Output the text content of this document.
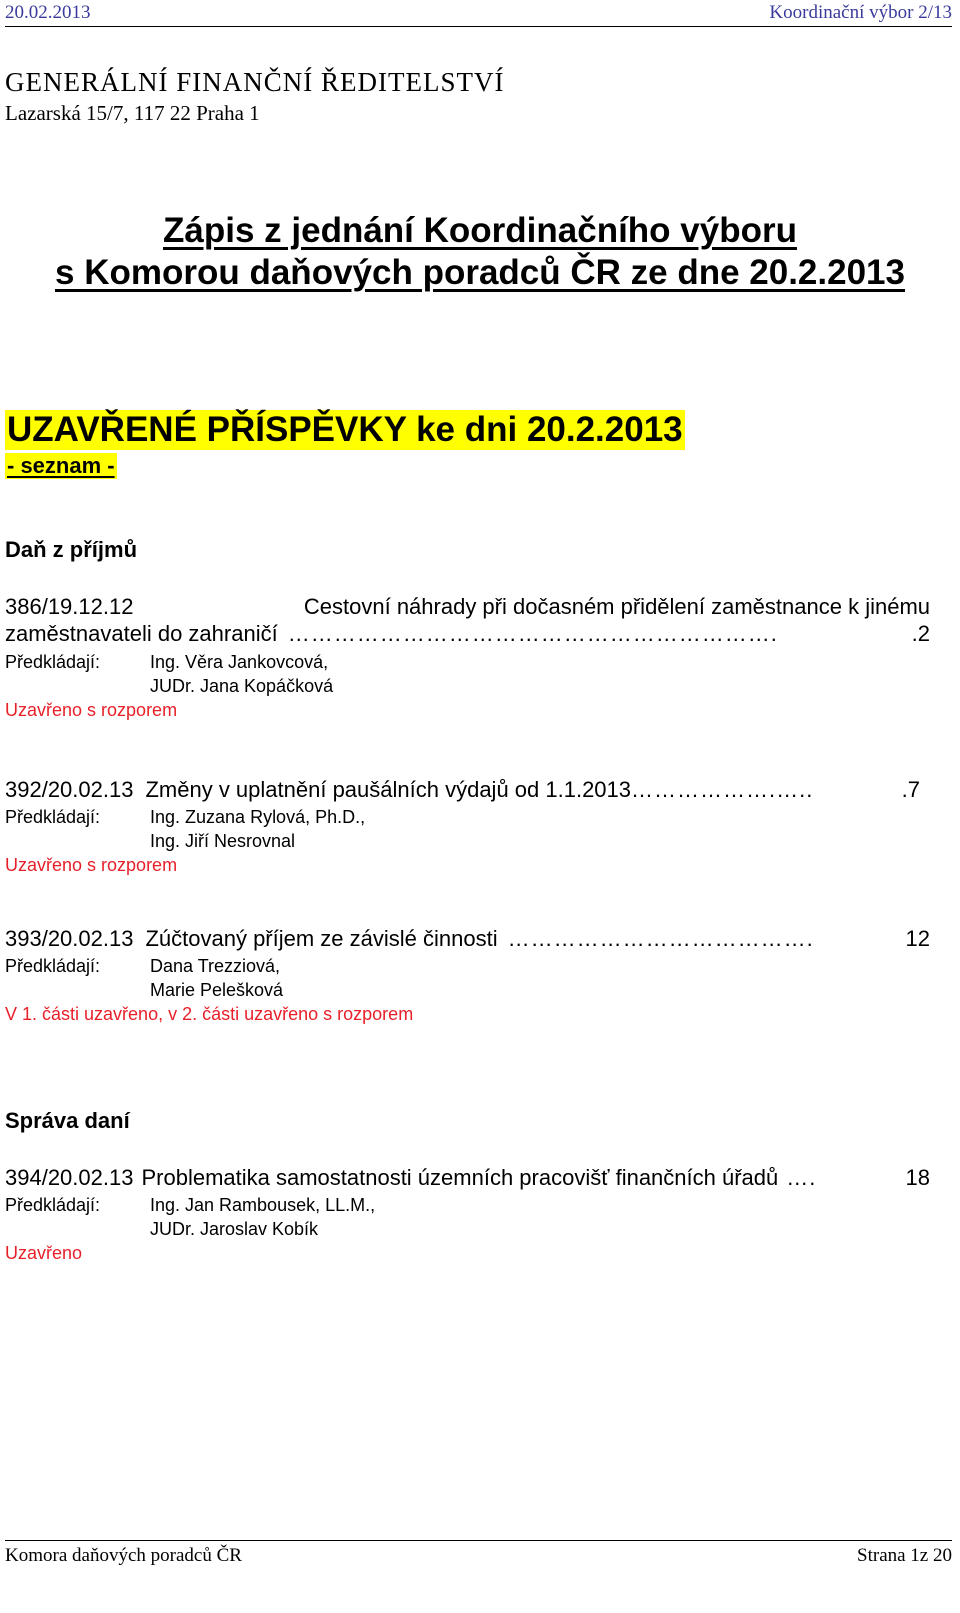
20.02.2013	Koordinační výbor 2/13
GENERÁLNÍ FINANČNÍ ŘEDITELSTVÍ
Lazarská 15/7, 117 22 Praha 1
Zápis z jednání Koordinačního výboru
s Komorou daňových poradců ČR ze dne 20.2.2013
UZAVŘENÉ PŘÍSPĚVKY ke dni 20.2.2013
- seznam -
Daň z příjmů
386/19.12.12	Cestovní náhrady při dočasném přidělení zaměstnance k jinému
zaměstnavateli do zahraničí ……………………………………………………….	.2
Předkládají:	Ing. Věra Jankovcová,
JUDr. Jana Kopáčková
Uzavřeno s rozporem
392/20.02.13 Změny v uplatnění paušálních výdajů od 1.1.2013 ……………….…..	.7
Předkládají:	Ing. Zuzana Rylová, Ph.D.,
Ing. Jiří Nesrovnal
Uzavřeno s rozporem
393/20.02.13 Zúčtovaný příjem ze závislé činnosti ………………………………….	12
Předkládají:	Dana Trezziová,
Marie Pelešková
V 1. části uzavřeno, v 2. části uzavřeno s rozporem
Správa daní
394/20.02.13 Problematika samostatnosti územních pracovišť finančních úřadů ….	18
Předkládají:	Ing. Jan Rambousek, LL.M.,
JUDr. Jaroslav Kobík
Uzavřeno
Komora daňových poradců ČR	Strana 1z 20
